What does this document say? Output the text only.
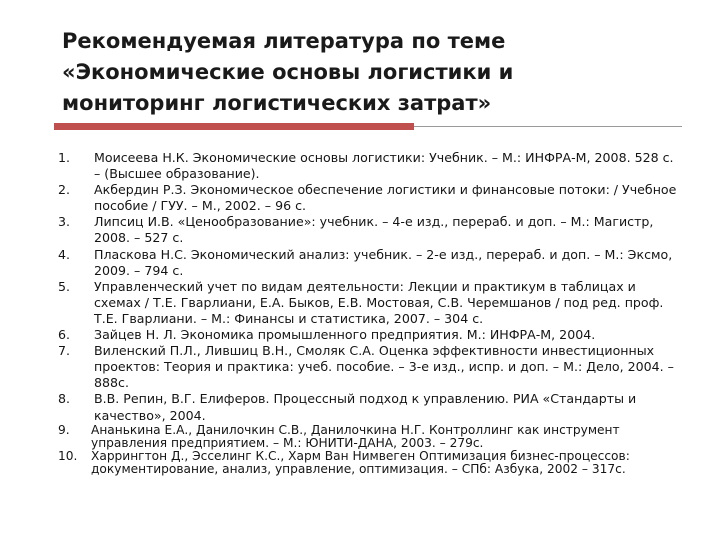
Рекомендуемая литература по теме
«Экономические основы логистики и
мониторинг логистических затрат»
1.	Моисеева Н.К. Экономические основы логистики: Учебник. – М.: ИНФРА-М, 2008. 528 с. – (Высшее образование).
2.	Акбердин Р.З. Экономическое обеспечение логистики и финансовые потоки: / Учебное пособие / ГУУ. – М., 2002. – 96 с.
3.	Липсиц И.В. «Ценообразование»: учебник. – 4-е изд., перераб. и доп. – М.: Магистр, 2008. – 527 с.
4.	Пласкова Н.С. Экономический анализ: учебник. – 2-е изд., перераб. и доп. – М.: Эксмо, 2009. – 794 с.
5.	Управленческий учет по видам деятельности: Лекции и практикум в таблицах и схемах / Т.Е. Гварлиани, Е.А. Быков, Е.В. Мостовая, С.В. Черемшанов / под ред. проф. Т.Е. Гварлиани. – М.: Финансы и статистика, 2007. – 304 с.
6.	Зайцев Н. Л. Экономика промышленного предприятия. М.: ИНФРА-М, 2004.
7.	Виленский П.Л., Лившиц В.Н., Смоляк С.А. Оценка эффективности инвестиционных проектов: Теория и практика: учеб. пособие. – 3-е изд., испр. и доп. – М.: Дело, 2004. – 888с.
8.	В.В. Репин, В.Г. Елиферов. Процессный подход к управлению. РИА «Стандарты и качество», 2004.
9.	Ананькина Е.А., Данилочкин С.В., Данилочкина Н.Г. Контроллинг как инструмент управления предприятием. – М.: ЮНИТИ-ДАНА, 2003. – 279с.
10.	Харрингтон Д., Эсселинг К.С., Харм Ван Нимвеген Оптимизация бизнес-процессов: документирование, анализ, управление, оптимизация. – СПб: Азбука, 2002 – 317с.
